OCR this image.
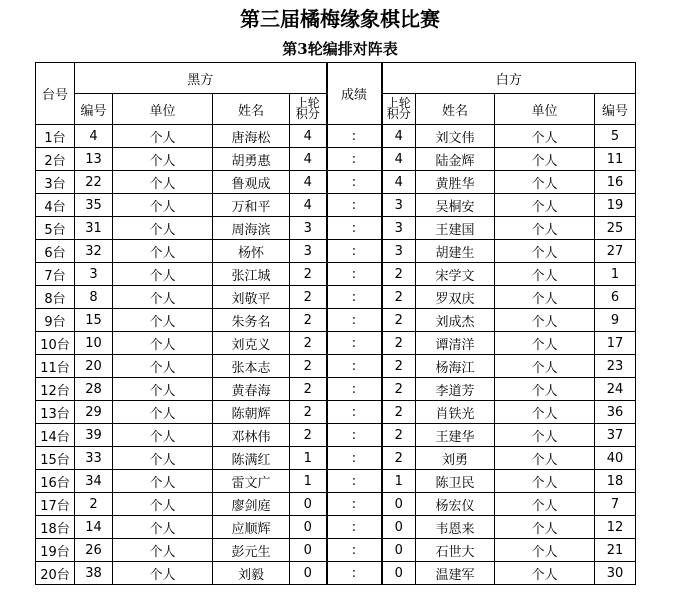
第三届橘梅缘象棋比赛
第3轮编排对阵表
台号	黑方				成绩	白方			
	编号	单位	姓名	上轮积分		上轮积分	姓名	单位	编号
1台	4	个人	唐海松	4	:	4	刘文伟	个人	5
2台	13	个人	胡勇惠	4	:	4	陆金辉	个人	11
3台	22	个人	鲁观成	4	:	4	黄胜华	个人	16
4台	35	个人	万和平	4	:	3	吴桐安	个人	19
5台	31	个人	周海滨	3	:	3	王建国	个人	25
6台	32	个人	杨怀	3	:	3	胡建生	个人	27
7台	3	个人	张江城	2	:	2	宋学文	个人	1
8台	8	个人	刘敬平	2	:	2	罗双庆	个人	6
9台	15	个人	朱务名	2	:	2	刘成杰	个人	9
10台	10	个人	刘克义	2	:	2	谭清洋	个人	17
11台	20	个人	张本志	2	:	2	杨海江	个人	23
12台	28	个人	黄春海	2	:	2	李道芳	个人	24
13台	29	个人	陈朝辉	2	:	2	肖铁光	个人	36
14台	39	个人	邓林伟	2	:	2	王建华	个人	37
15台	33	个人	陈满红	1	:	2	刘勇	个人	40
16台	34	个人	雷文广	1	:	1	陈卫民	个人	18
17台	2	个人	廖剑庭	0	:	0	杨宏仪	个人	7
18台	14	个人	应顺辉	0	:	0	韦恩来	个人	12
19台	26	个人	彭元生	0	:	0	石世大	个人	21
20台	38	个人	刘毅	0	:	0	温建军	个人	30
